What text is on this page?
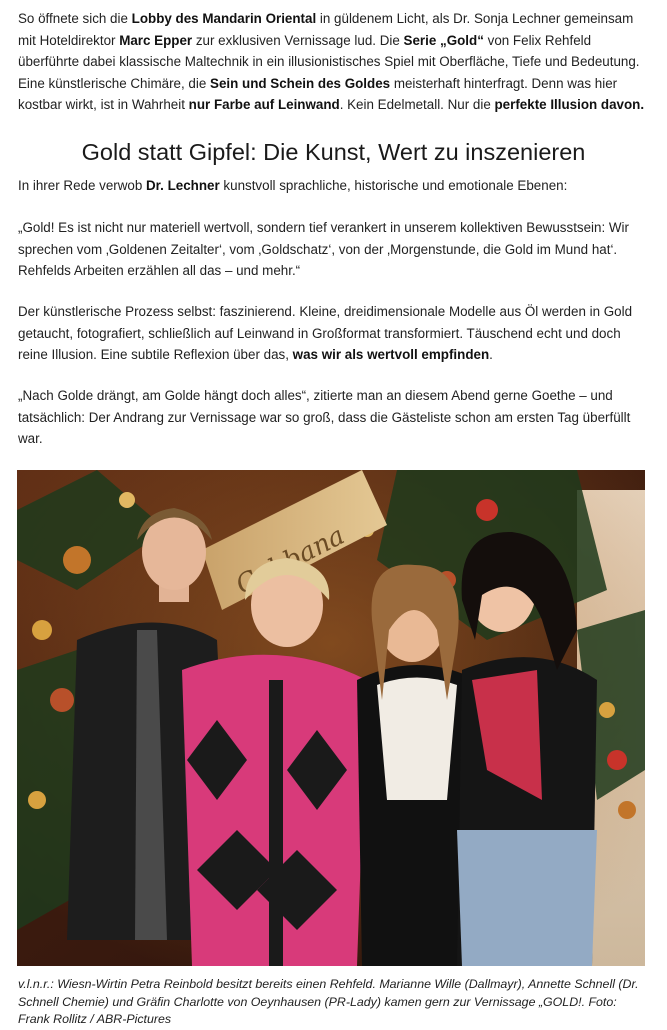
So öffnete sich die Lobby des Mandarin Oriental in güldenem Licht, als Dr. Sonja Lechner gemeinsam mit Hoteldirektor Marc Epper zur exklusiven Vernissage lud. Die Serie „Gold“ von Felix Rehfeld überführte dabei klassische Maltechnik in ein illusionistisches Spiel mit Oberfläche, Tiefe und Bedeutung. Eine künstlerische Chimäre, die Sein und Schein des Goldes meisterhaft hinterfragt. Denn was hier kostbar wirkt, ist in Wahrheit nur Farbe auf Leinwand. Kein Edelmetall. Nur die perfekte Illusion davon.

Gold statt Gipfel: Die Kunst, Wert zu inszenieren

In ihrer Rede verwob Dr. Lechner kunstvoll sprachliche, historische und emotionale Ebenen:

„Gold! Es ist nicht nur materiell wertvoll, sondern tief verankert in unserem kollektiven Bewusstsein: Wir sprechen vom ‚Goldenen Zeitalter‘, vom ‚Goldschatz‘, von der ‚Morgenstunde, die Gold im Mund hat‘. Rehfelds Arbeiten erzählen all das – und mehr.“

Der künstlerische Prozess selbst: faszinierend. Kleine, dreidimensionale Modelle aus Öl werden in Gold getaucht, fotografiert, schließlich auf Leinwand in Großformat transformiert. Täuschend echt und doch reine Illusion. Eine subtile Reflexion über das, was wir als wertvoll empfinden.

„Nach Golde drängt, am Golde hängt doch alles“, zitierte man an diesem Abend gerne Goethe – und tatsächlich: Der Andrang zur Vernissage war so groß, dass die Gästeliste schon am ersten Tag überfüllt war.

v.l.n.r.: Wiesn-Wirtin Petra Reinbold besitzt bereits einen Rehfeld. Marianne Wille (Dallmayr), Annette Schnell (Dr. Schnell Chemie) und Gräfin Charlotte von Oeynhausen (PR-Lady) kamen gern zur Vernissage „GOLD!. Foto: Frank Rollitz / ABR-Pictures
